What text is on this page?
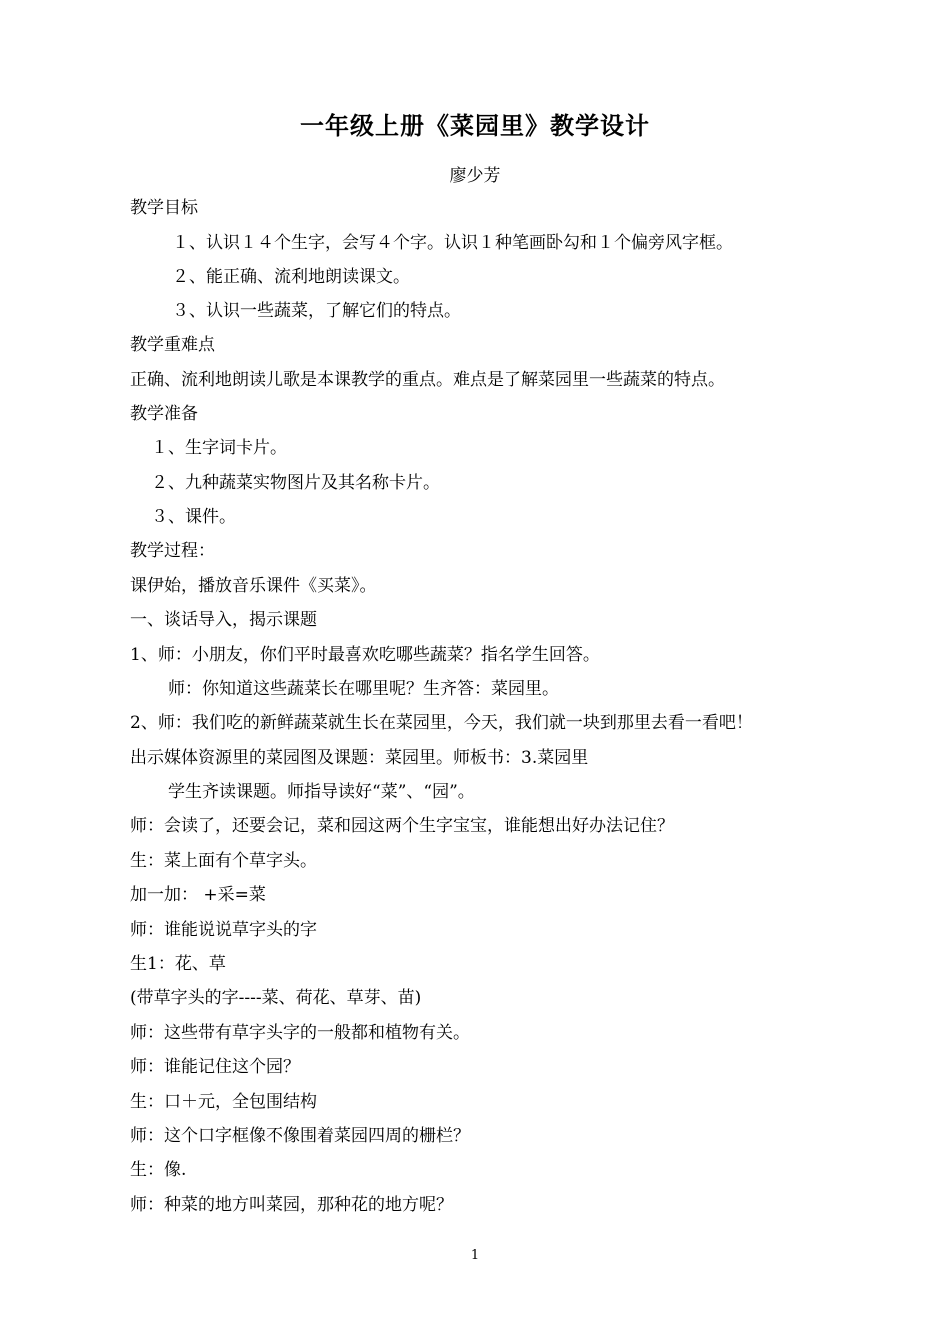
一年级上册《菜园里》教学设计
廖少芳
教学目标
１、认识１４个生字，会写４个字。认识１种笔画卧勾和１个偏旁风字框。
２、能正确、流利地朗读课文。
３、认识一些蔬菜，了解它们的特点。
教学重难点
正确、流利地朗读儿歌是本课教学的重点。难点是了解菜园里一些蔬菜的特点。
教学准备
１、生字词卡片。
２、九种蔬菜实物图片及其名称卡片。
３、课件。
教学过程：
课伊始，播放音乐课件《买菜》。
一、谈话导入，揭示课题
1、师：小朋友，你们平时最喜欢吃哪些蔬菜？指名学生回答。
师：你知道这些蔬菜长在哪里呢？生齐答：菜园里。
2、师：我们吃的新鲜蔬菜就生长在菜园里，今天，我们就一块到那里去看一看吧！
出示媒体资源里的菜园图及课题：菜园里。师板书：3.菜园里
学生齐读课题。师指导读好“菜”、“园”。
师：会读了，还要会记，菜和园这两个生字宝宝，谁能想出好办法记住？
生：菜上面有个草字头。
加一加： +采=菜
师：谁能说说草字头的字
生1：花、草
(带草字头的字----菜、荷花、草芽、苗)
师：这些带有草字头字的一般都和植物有关。
师：谁能记住这个园？
生：口＋元，全包围结构
师：这个口字框像不像围着菜园四周的栅栏？
生：像.
师：种菜的地方叫菜园，那种花的地方呢？
1
